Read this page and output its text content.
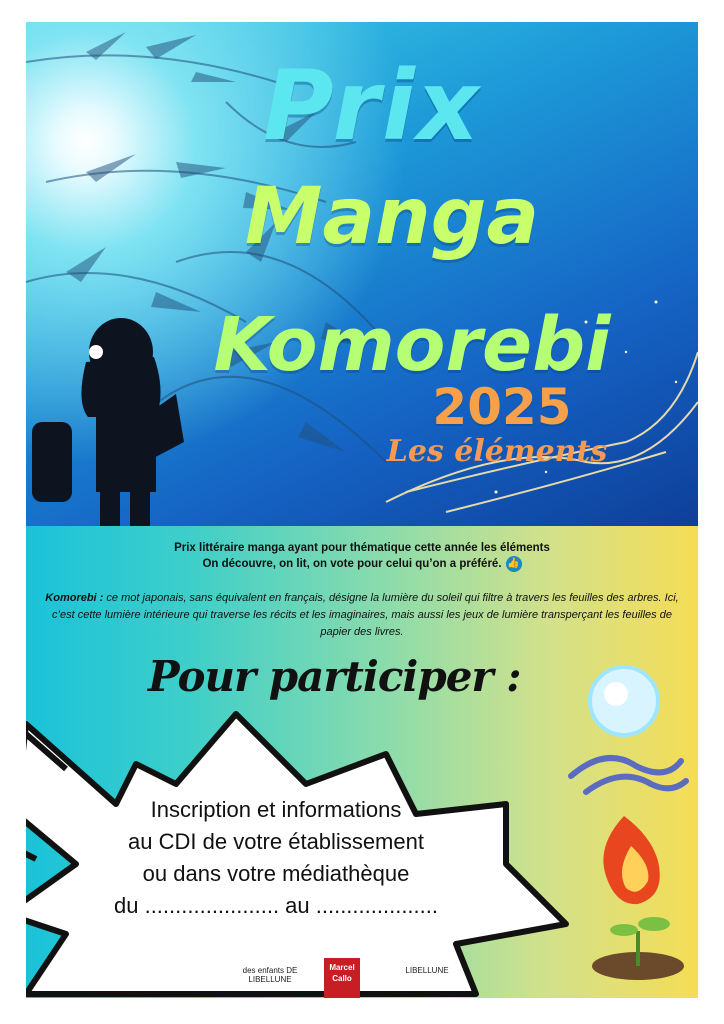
Prix
Manga
Komorebi
2025
Les éléments
Prix littéraire manga ayant pour thématique cette année les éléments
On découvre, on lit, on vote pour celui qu’on a préféré. 👍
Komorebi : ce mot japonais, sans équivalent en français, désigne la lumière du soleil qui filtre à travers les feuilles des arbres. Ici, c’est cette lumière intérieure qui traverse les récits et les imaginaires, mais aussi les jeux de lumière transperçant les feuilles de papier des livres.
Pour participer :
Inscription et informations
au CDI de votre établissement
ou dans votre médiathèque
du ...................... au ....................
des enfants DE LIBELLUNE
Marcel Callo
LIBELLUNE
